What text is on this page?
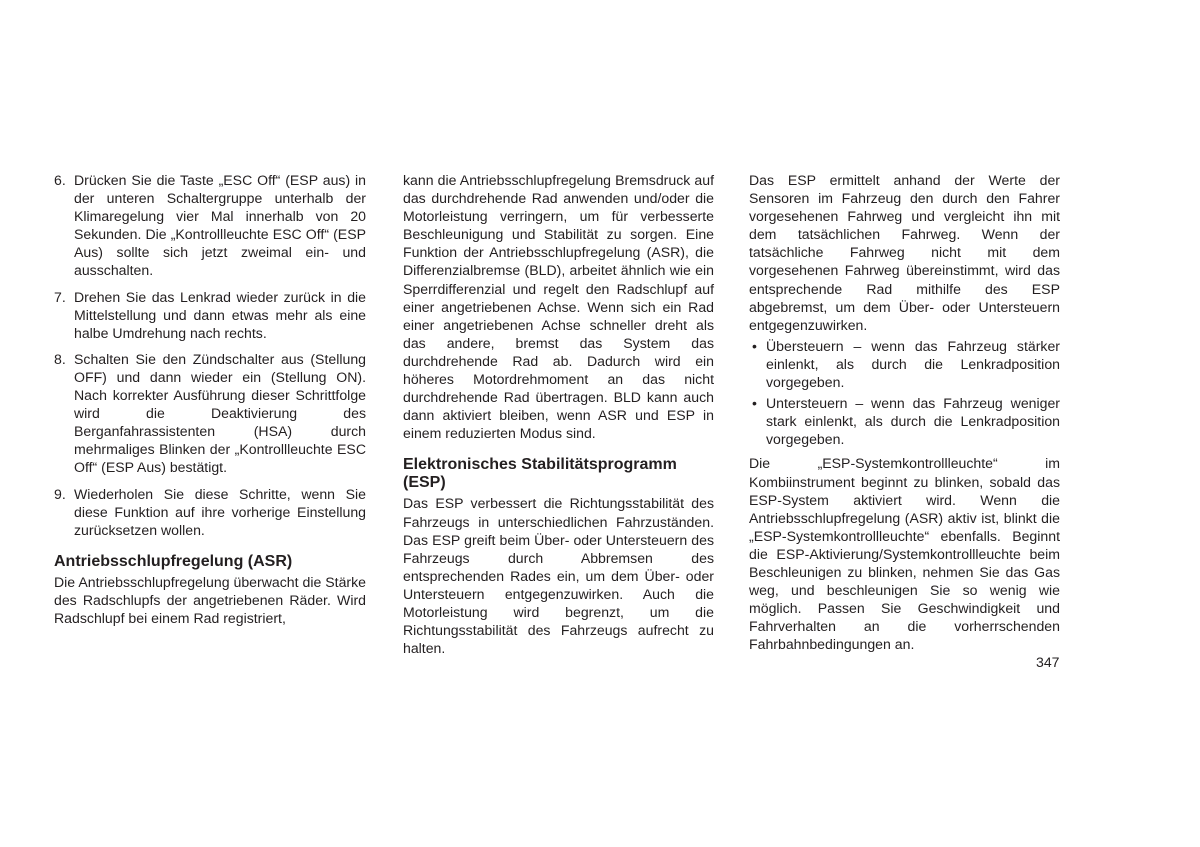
6. Drücken Sie die Taste „ESC Off“ (ESP aus) in der unteren Schaltergruppe unterhalb der Klimaregelung vier Mal innerhalb von 20 Sekunden. Die „Kontrollleuchte ESC Off“ (ESP Aus) sollte sich jetzt zweimal ein- und ausschalten.
7. Drehen Sie das Lenkrad wieder zurück in die Mittelstellung und dann etwas mehr als eine halbe Umdrehung nach rechts.
8. Schalten Sie den Zündschalter aus (Stellung OFF) und dann wieder ein (Stellung ON). Nach korrekter Ausführung dieser Schrittfolge wird die Deaktivierung des Berganfahrassistenten (HSA) durch mehrmaliges Blinken der „Kontrollleuchte ESC Off“ (ESP Aus) bestätigt.
9. Wiederholen Sie diese Schritte, wenn Sie diese Funktion auf ihre vorherige Einstellung zurücksetzen wollen.
Antriebsschlupfregelung (ASR)

Die Antriebsschlupfregelung überwacht die Stärke des Radschlupfs der angetriebenen Räder. Wird Radschlupf bei einem Rad registriert,

kann die Antriebsschlupfregelung Bremsdruck auf das durchdrehende Rad anwenden und/oder die Motorleistung verringern, um für verbesserte Beschleunigung und Stabilität zu sorgen. Eine Funktion der Antriebsschlupfregelung (ASR), die Differenzialbremse (BLD), arbeitet ähnlich wie ein Sperrdifferenzial und regelt den Radschlupf auf einer angetriebenen Achse. Wenn sich ein Rad einer angetriebenen Achse schneller dreht als das andere, bremst das System das durchdrehende Rad ab. Dadurch wird ein höheres Motordrehmoment an das nicht durchdrehende Rad übertragen. BLD kann auch dann aktiviert bleiben, wenn ASR und ESP in einem reduzierten Modus sind.

Elektronisches Stabilitätsprogramm (ESP)

Das ESP verbessert die Richtungsstabilität des Fahrzeugs in unterschiedlichen Fahrzuständen. Das ESP greift beim Über- oder Untersteuern des Fahrzeugs durch Abbremsen des entsprechenden Rades ein, um dem Über- oder Untersteuern entgegenzuwirken. Auch die Motorleistung wird begrenzt, um die Richtungsstabilität des Fahrzeugs aufrecht zu halten.

Das ESP ermittelt anhand der Werte der Sensoren im Fahrzeug den durch den Fahrer vorgesehenen Fahrweg und vergleicht ihn mit dem tatsächlichen Fahrweg. Wenn der tatsächliche Fahrweg nicht mit dem vorgesehenen Fahrweg übereinstimmt, wird das entsprechende Rad mithilfe des ESP abgebremst, um dem Über- oder Untersteuern entgegenzuwirken.

• Übersteuern – wenn das Fahrzeug stärker einlenkt, als durch die Lenkradposition vorgegeben.
• Untersteuern – wenn das Fahrzeug weniger stark einlenkt, als durch die Lenkradposition vorgegeben.

Die „ESP-Systemkontrollleuchte“ im Kombiinstrument beginnt zu blinken, sobald das ESP-System aktiviert wird. Wenn die Antriebsschlupfregelung (ASR) aktiv ist, blinkt die „ESP-Systemkontrollleuchte“ ebenfalls. Beginnt die ESP-Aktivierung/Systemkontrollleuchte beim Beschleunigen zu blinken, nehmen Sie das Gas weg, und beschleunigen Sie so wenig wie möglich. Passen Sie Geschwindigkeit und Fahrverhalten an die vorherrschenden Fahrbahnbedingungen an.

347
